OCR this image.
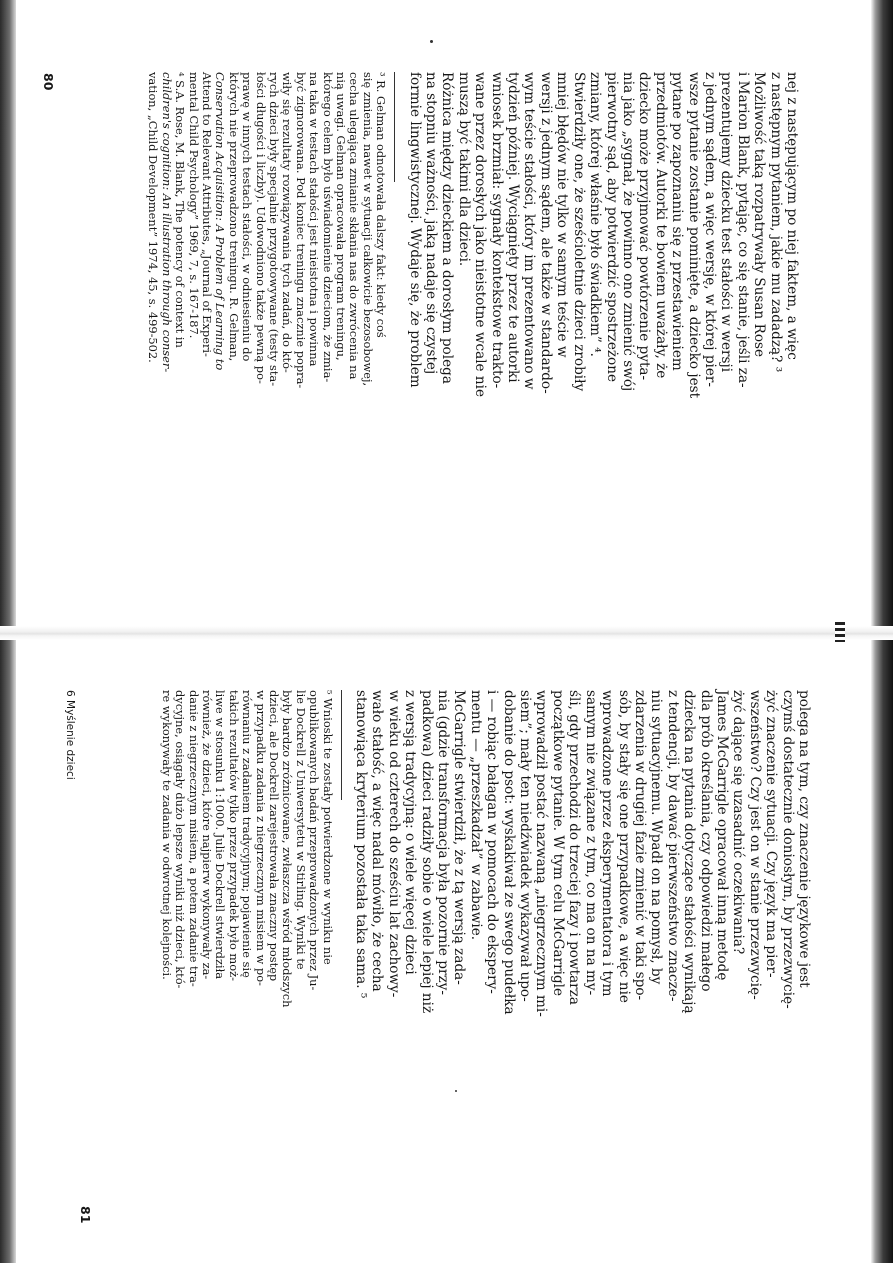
nej z następującym po niej faktem, a więc
z następnym pytaniem, jakie mu zadadzą? ³
Możliwość taką rozpatrywały Susan Rose
i Marion Blank, pytając, co się stanie, jeśli za-
prezentujemy dziecku test stałości w wersji
z jednym sądem, a więc wersję, w której pier-
wsze pytanie zostanie pominięte, a dziecko jest
pytane po zapoznaniu się z przestawieniem
przedmiotów. Autorki te bowiem uważały, że
dziecko może przyjmować powtórzenie pyta-
nia jako „sygnał, że powinno ono zmienić swój
pierwotny sąd, aby potwierdzić spostrzeżone
zmiany, której właśnie było świadkiem” ⁴.
Stwierdziły one, że sześcioletnie dzieci zrobiły
mniej błędów nie tylko w samym teście w
wersji z jednym sądem, ale także w standardo-
wym teście stałości, który im prezentowano w
tydzień później. Wyciągnięty przez te autorki
wniosek brzmiał: sygnały kontekstowe trakto-
wane przez dorosłych jako nieistotne wcale nie
muszą być takimi dla dzieci.
Różnica między dzieckiem a dorosłym polega
na stopniu ważności, jaką nadaje się czystej
formie lingwistycznej. Wydaje się, że problem
³ R. Gelman odnotowała dalszy fakt: kiedy coś
się zmienia, nawet w sytuacji całkowicie bezosobowej,
cecha ulegająca zmianie skłania nas do zwrócenia na
nią uwagi. Gelman opracowała program treningu,
którego celem było uświadomienie dzieciom, że zmia-
na taka w testach stałości jest nieistotna i powinna
być zignorowana. Pod koniec treningu znacznie popra-
wiły się rezultaty rozwiązywania tych zadań, do któ-
rych dzieci były specjalnie przygotowywane (testy sta-
łości długości i liczby). Udowodniono także pewną po-
prawę w innych testach stałości, w odniesieniu do
których nie przeprowadzono treningu. R. Gelman,
Conservation Acquisition: A Problem of Learning to
Attend to Relevant Attributes, „Journal of Experi-
mental Child Psychology” 1969, 7, s. 167-187.
⁴ S.A. Rose, M. Blank, The potency of context in
children's cognition: An illustration through conser-
vation, „Child Development” 1974, 45, s. 499-502.
80
polega na tym, czy znaczenie językowe jest
czymś dostatecznie doniosłym, by przezwycię-
żyć znaczenie sytuacji. Czy język ma pier-
wszeństwo? Czy jest on w stanie przezwycię-
żyć dające się uzasadnić oczekiwania?
James McGarrigle opracował inną metodę
dla prób określania, czy odpowiedzi małego
dziecka na pytania dotyczące stałości wynikają
z tendencji, by dawać pierwszeństwo znacze-
niu sytuacyjnemu. Wpadł on na pomysł, by
zdarzenia w drugiej fazie zmienić w taki spo-
sób, by stały się one przypadkowe, a więc nie
wprowadzone przez eksperymentatora i tym
samym nie związane z tym, co ma on na my-
śli, gdy przechodzi do trzeciej fazy i powtarza
początkowe pytanie. W tym celu McGarrigle
wprowadził postać nazwaną „niegrzecznym mi-
siem”; mały ten niedźwiadek wykazywał upo-
dobanie do psot: wyskakiwał ze swego pudełka
i — robiąc bałagan w pomocach do ekspery-
mentu — „przeszkadzał” w zabawie.
McGarrigle stwierdził, że z tą wersją zada-
nia (gdzie transformacja była pozornie przy-
padkowa) dzieci radziły sobie o wiele lepiej niż
z wersją tradycyjną: o wiele więcej dzieci
w wieku od czterech do sześciu lat zachowy-
wało stałość, a więc nadal mówiło, że cecha
stanowiąca kryterium pozostała taka sama. ⁵
⁵ Wnioski te zostały potwierdzone w wyniku nie
opublikowanych badań przeprowadzonych przez Ju-
lie Dockrell z Uniwersytetu w Stirling. Wyniki te
były bardzo zróżnicowane, zwłaszcza wśród młodszych
dzieci, ale Dockrell zarejestrowała znaczny postęp
w przypadku zadania z niegrzecznym misiem w po-
równaniu z zadaniem tradycyjnym; pojawienie się
takich rezultatów tylko przez przypadek było moż-
liwe w stosunku 1:1000. Julie Dockrell stwierdziła
również, że dzieci, które najpierw wykonywały za-
danie z niegrzecznym misiem, a potem zadanie tra-
dycyjne, osiągały dużo lepsze wyniki niż dzieci, któ-
re wykonywały te zadania w odwrotnej kolejności.
6 Myślenie dzieci
81
